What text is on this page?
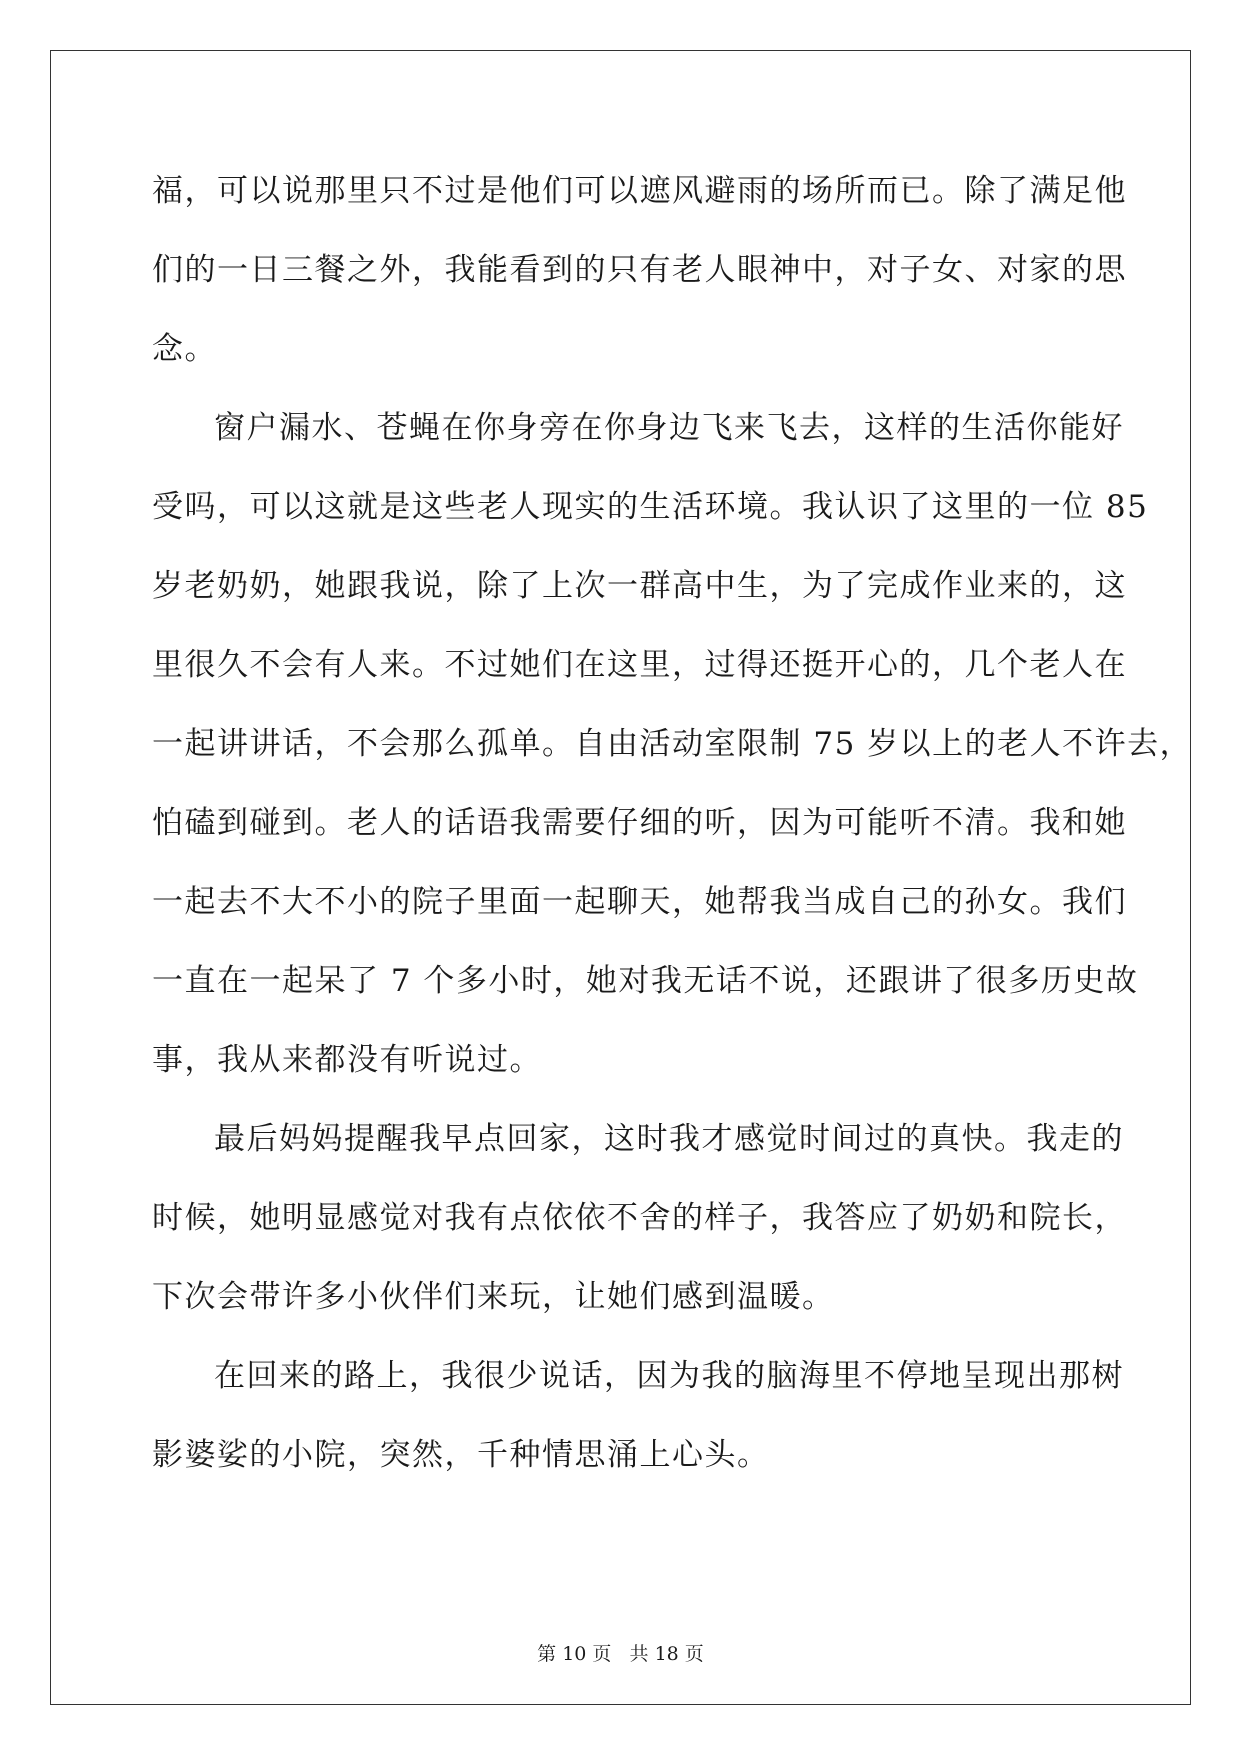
福，可以说那里只不过是他们可以遮风避雨的场所而已。除了满足他
们的一日三餐之外，我能看到的只有老人眼神中，对子女、对家的思
念。
窗户漏水、苍蝇在你身旁在你身边飞来飞去，这样的生活你能好
受吗，可以这就是这些老人现实的生活环境。我认识了这里的一位 85
岁老奶奶，她跟我说，除了上次一群高中生，为了完成作业来的，这
里很久不会有人来。不过她们在这里，过得还挺开心的，几个老人在
一起讲讲话，不会那么孤单。自由活动室限制 75 岁以上的老人不许去，
怕磕到碰到。老人的话语我需要仔细的听，因为可能听不清。我和她
一起去不大不小的院子里面一起聊天，她帮我当成自己的孙女。我们
一直在一起呆了 7 个多小时，她对我无话不说，还跟讲了很多历史故
事，我从来都没有听说过。
最后妈妈提醒我早点回家，这时我才感觉时间过的真快。我走的
时候，她明显感觉对我有点依依不舍的样子，我答应了奶奶和院长，
下次会带许多小伙伴们来玩，让她们感到温暖。
在回来的路上，我很少说话，因为我的脑海里不停地呈现出那树
影婆娑的小院，突然，千种情思涌上心头。
第 10 页   共 18 页
